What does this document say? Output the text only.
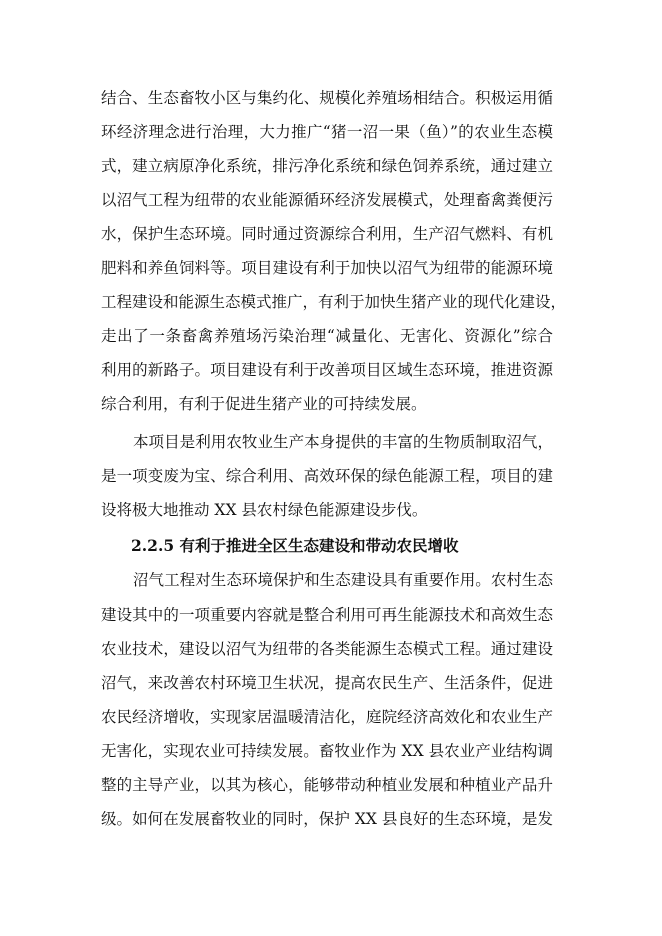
结合、生态畜牧小区与集约化、规模化养殖场相结合。积极运用循
环经济理念进行治理，大力推广“猪一沼一果（鱼）”的农业生态模
式，建立病原净化系统，排污净化系统和绿色饲养系统，通过建立
以沼气工程为纽带的农业能源循环经济发展模式，处理畜禽粪便污
水，保护生态环境。同时通过资源综合利用，生产沼气燃料、有机
肥料和养鱼饲料等。项目建设有利于加快以沼气为纽带的能源环境
工程建设和能源生态模式推广，有利于加快生猪产业的现代化建设，
走出了一条畜禽养殖场污染治理“减量化、无害化、资源化”综合
利用的新路子。项目建设有利于改善项目区域生态环境，推进资源
综合利用，有利于促进生猪产业的可持续发展。
本项目是利用农牧业生产本身提供的丰富的生物质制取沼气，
是一项变废为宝、综合利用、高效环保的绿色能源工程，项目的建
设将极大地推动 XX 县农村绿色能源建设步伐。
2.2.5 有利于推进全区生态建设和带动农民增收
沼气工程对生态环境保护和生态建设具有重要作用。农村生态
建设其中的一项重要内容就是整合利用可再生能源技术和高效生态
农业技术，建设以沼气为纽带的各类能源生态模式工程。通过建设
沼气，来改善农村环境卫生状况，提高农民生产、生活条件，促进
农民经济增收，实现家居温暖清洁化，庭院经济高效化和农业生产
无害化，实现农业可持续发展。畜牧业作为 XX 县农业产业结构调
整的主导产业，以其为核心，能够带动种植业发展和种植业产品升
级。如何在发展畜牧业的同时，保护 XX 县良好的生态环境，是发
